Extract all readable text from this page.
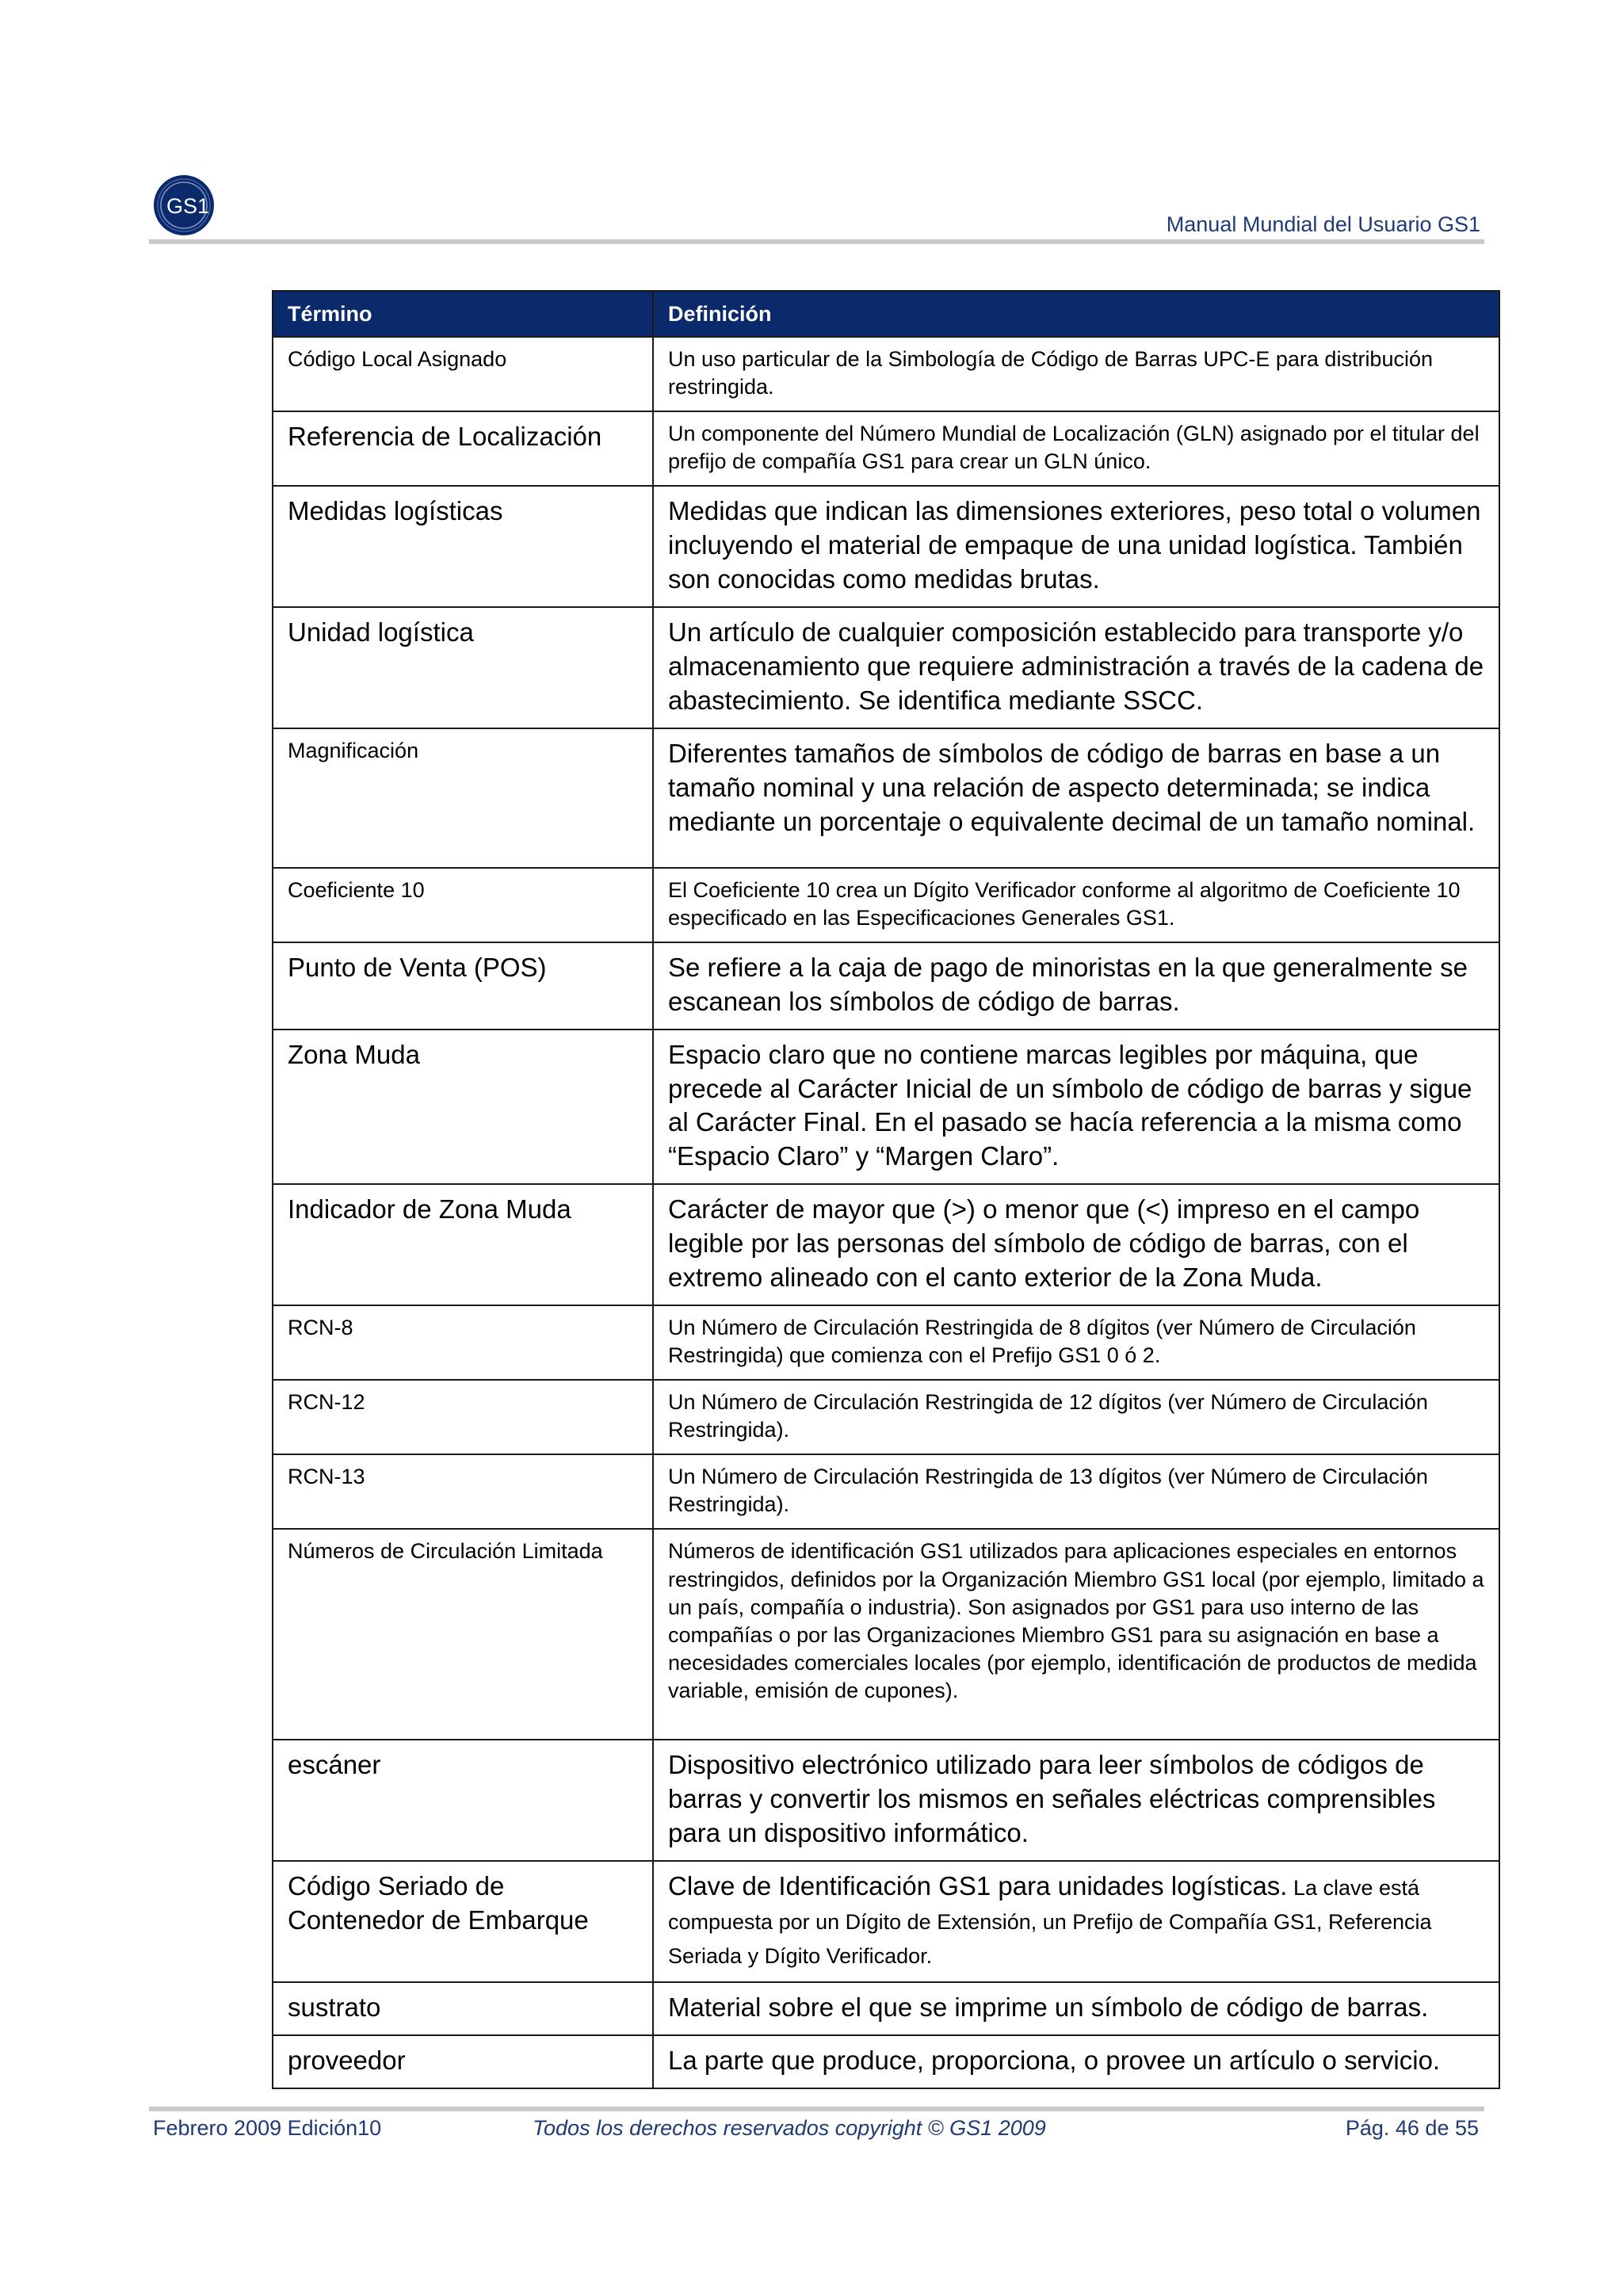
GS1
Manual Mundial del Usuario GS1
Término	Definición
Código Local Asignado	Un uso particular de la Simbología de Código de Barras UPC-E para distribución restringida.
Referencia de Localización	Un componente del Número Mundial de Localización (GLN) asignado por el titular del prefijo de compañía GS1 para crear un GLN único.
Medidas logísticas	Medidas que indican las dimensiones exteriores, peso total o volumen incluyendo el material de empaque de una unidad logística. También son conocidas como medidas brutas.
Unidad logística	Un artículo de cualquier composición establecido para transporte y/o almacenamiento que requiere administración a través de la cadena de abastecimiento. Se identifica mediante SSCC.
Magnificación	Diferentes tamaños de símbolos de código de barras en base a un tamaño nominal y una relación de aspecto determinada; se indica mediante un porcentaje o equivalente decimal de un tamaño nominal.
Coeficiente 10	El Coeficiente 10 crea un Dígito Verificador conforme al algoritmo de Coeficiente 10 especificado en las Especificaciones Generales GS1.
Punto de Venta (POS)	Se refiere a la caja de pago de minoristas en la que generalmente se escanean los símbolos de código de barras.
Zona Muda	Espacio claro que no contiene marcas legibles por máquina, que precede al Carácter Inicial de un símbolo de código de barras y sigue al Carácter Final. En el pasado se hacía referencia a la misma como “Espacio Claro” y “Margen Claro”.
Indicador de Zona Muda	Carácter de mayor que (>) o menor que (<) impreso en el campo legible por las personas del símbolo de código de barras, con el extremo alineado con el canto exterior de la Zona Muda.
RCN-8	Un Número de Circulación Restringida de 8 dígitos (ver Número de Circulación Restringida) que comienza con el Prefijo GS1 0 ó 2.
RCN-12	Un Número de Circulación Restringida de 12 dígitos (ver Número de Circulación Restringida).
RCN-13	Un Número de Circulación Restringida de 13 dígitos (ver Número de Circulación Restringida).
Números de Circulación Limitada	Números de identificación GS1 utilizados para aplicaciones especiales en entornos restringidos, definidos por la Organización Miembro GS1 local (por ejemplo, limitado a un país, compañía o industria). Son asignados por GS1 para uso interno de las compañías o por las Organizaciones Miembro GS1 para su asignación en base a necesidades comerciales locales (por ejemplo, identificación de productos de medida variable, emisión de cupones).
escáner	Dispositivo electrónico utilizado para leer símbolos de códigos de barras y convertir los mismos en señales eléctricas comprensibles para un dispositivo informático.
Código Seriado de Contenedor de Embarque	Clave de Identificación GS1 para unidades logísticas. La clave está compuesta por un Dígito de Extensión, un Prefijo de Compañía GS1, Referencia Seriada y Dígito Verificador.
sustrato	Material sobre el que se imprime un símbolo de código de barras.
proveedor	La parte que produce, proporciona, o provee un artículo o servicio.
Febrero 2009 Edición10	Todos los derechos reservados copyright © GS1 2009	Pág. 46 de 55
